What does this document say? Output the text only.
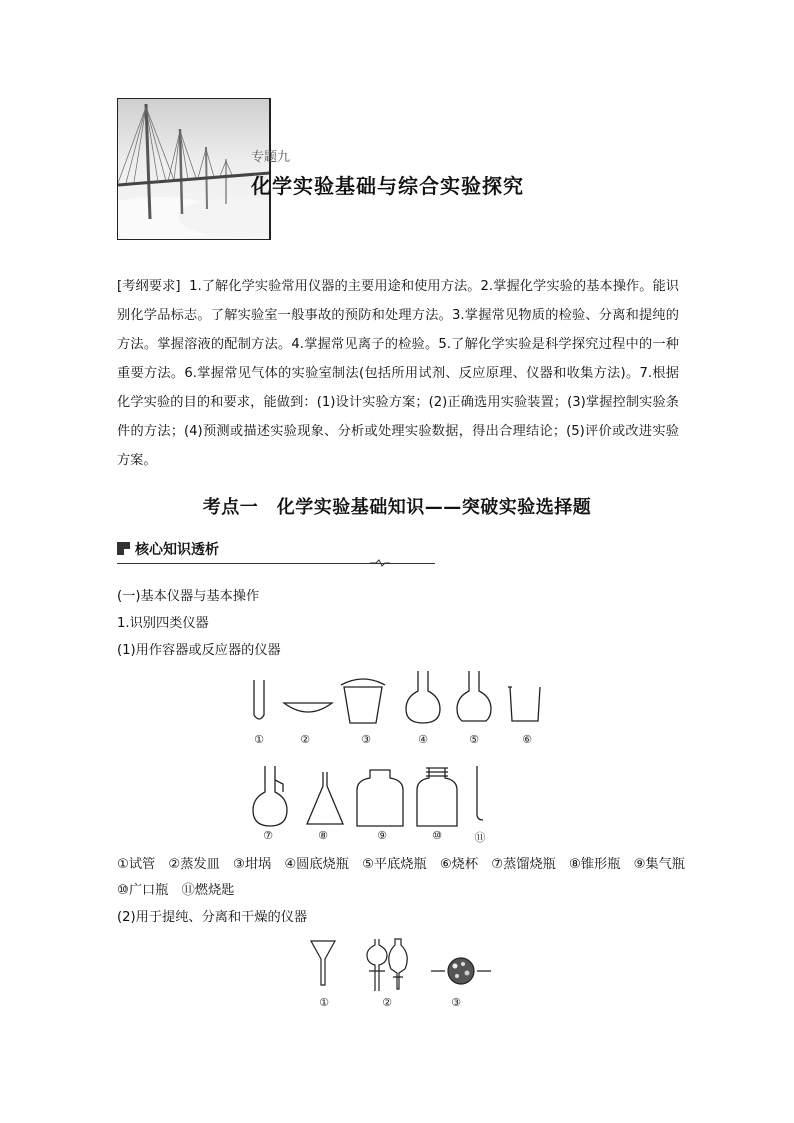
专题九
化学实验基础与综合实验探究
[考纲要求] 1.了解化学实验常用仪器的主要用途和使用方法。2.掌握化学实验的基本操作。能识别化学品标志。了解实验室一般事故的预防和处理方法。3.掌握常见物质的检验、分离和提纯的方法。掌握溶液的配制方法。4.掌握常见离子的检验。5.了解化学实验是科学探究过程中的一种重要方法。6.掌握常见气体的实验室制法(包括所用试剂、反应原理、仪器和收集方法)。7.根据化学实验的目的和要求，能做到：(1)设计实验方案；(2)正确选用实验装置；(3)掌握控制实验条件的方法；(4)预测或描述实验现象、分析或处理实验数据，得出合理结论；(5)评价或改进实验方案。
考点一　化学实验基础知识——突破实验选择题
核心知识透析
(一)基本仪器与基本操作
1.识别四类仪器
(1)用作容器或反应器的仪器
①	②	③	④	⑤	⑥
⑦	⑧	⑨	⑩	⑪
①试管　②蒸发皿　③坩埚　④圆底烧瓶　⑤平底烧瓶　⑥烧杯　⑦蒸馏烧瓶　⑧锥形瓶　⑨集气瓶　⑩广口瓶　⑪燃烧匙
(2)用于提纯、分离和干燥的仪器
①	②	③
